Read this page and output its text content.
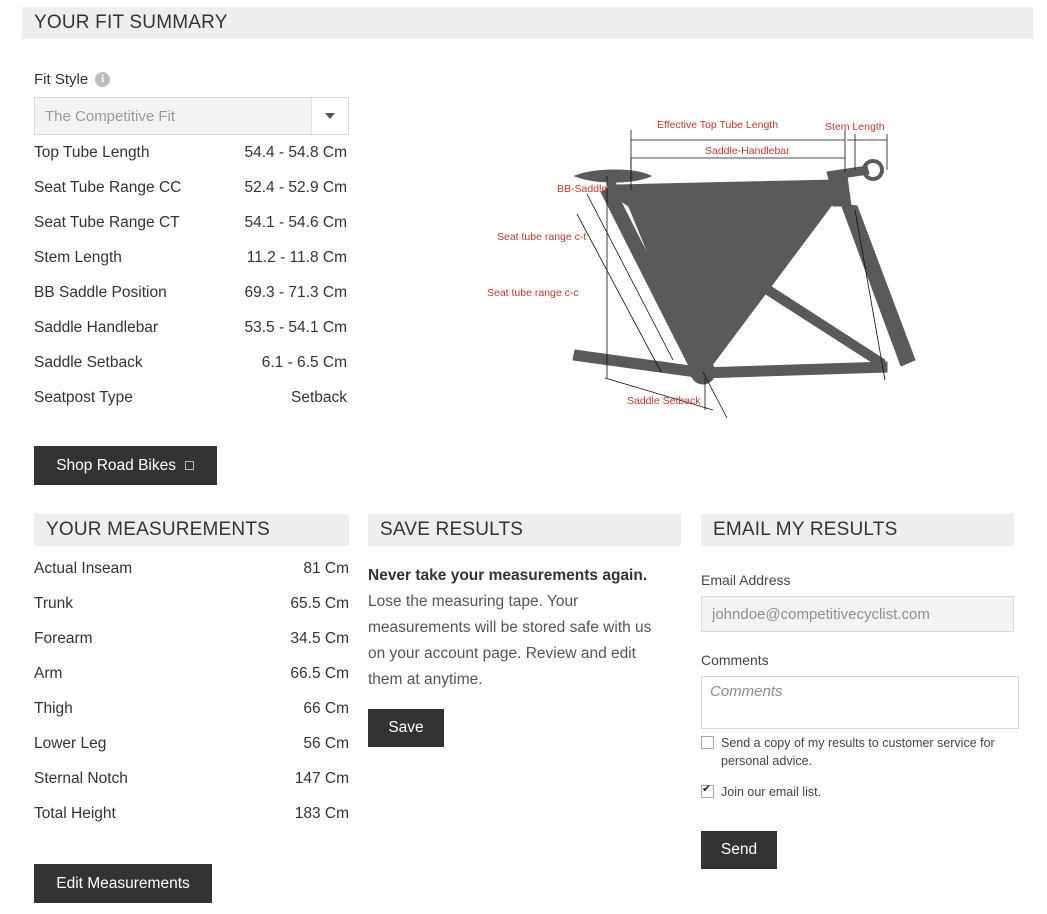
YOUR FIT SUMMARY
Fit Style	i
The Competitive Fit
Top Tube Length	54.4 - 54.8 Cm
Seat Tube Range CC	52.4 - 52.9 Cm
Seat Tube Range CT	54.1 - 54.6 Cm
Stem Length	11.2 - 11.8 Cm
BB Saddle Position	69.3 - 71.3 Cm
Saddle Handlebar	53.5 - 54.1 Cm
Saddle Setback	6.1 - 6.5 Cm
Seatpost Type	Setback
Shop Road Bikes ☐
Effective Top Tube Length	Stem Length
Saddle-Handlebar
BB-Saddle
Seat tube range c-t
Seat tube range c-c
Saddle Setback
YOUR MEASUREMENTS
Actual Inseam	81 Cm
Trunk	65.5 Cm
Forearm	34.5 Cm
Arm	66.5 Cm
Thigh	66 Cm
Lower Leg	56 Cm
Sternal Notch	147 Cm
Total Height	183 Cm
Edit Measurements
SAVE RESULTS
Never take your measurements again. Lose the measuring tape. Your measurements will be stored safe with us on your account page. Review and edit them at anytime.
Save
EMAIL MY RESULTS
Email Address
johndoe@competitivecyclist.com
Comments
Comments
Send a copy of my results to customer service for personal advice.
✔
Join our email list.
Send
